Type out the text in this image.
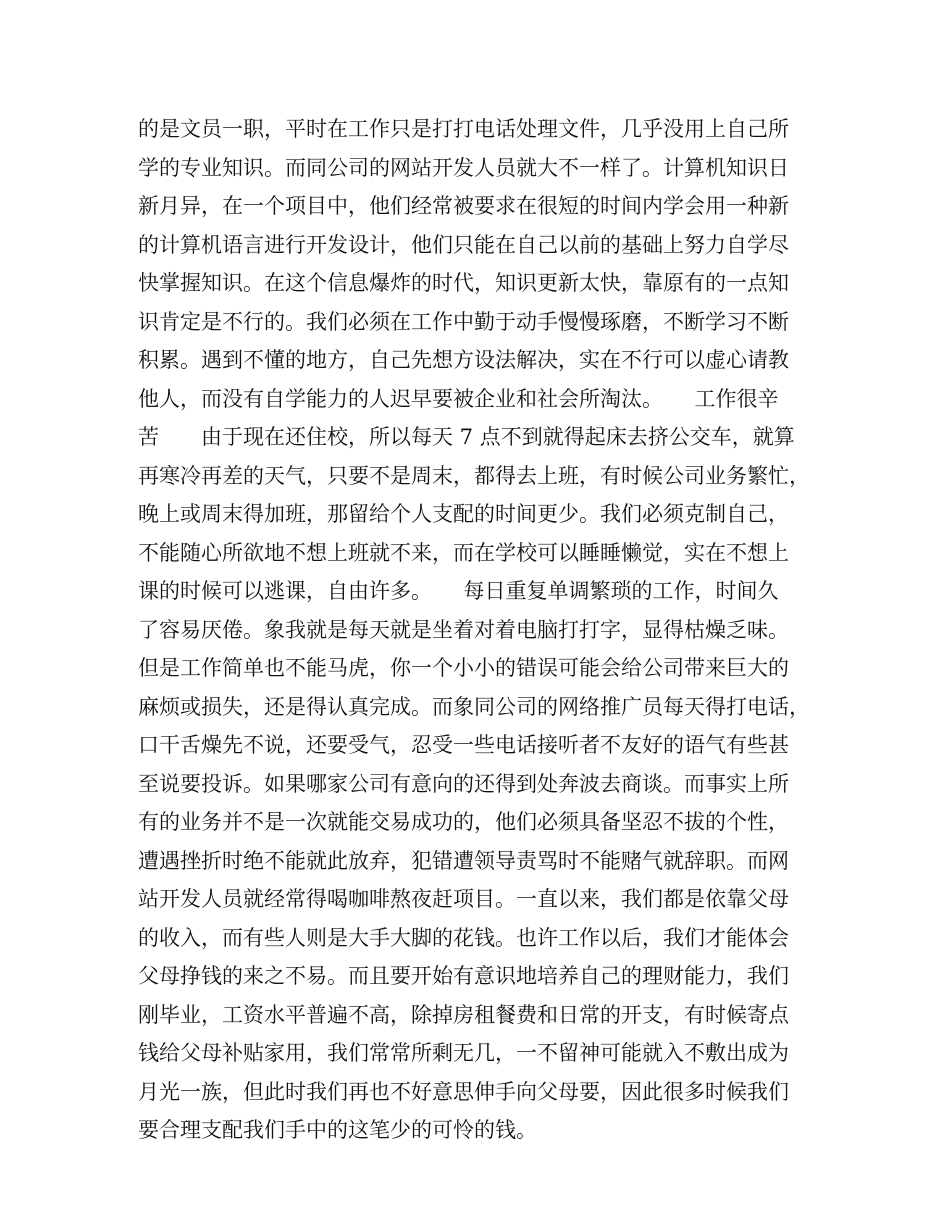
的是文员一职，平时在工作只是打打电话处理文件，几乎没用上自己所
学的专业知识。而同公司的网站开发人员就大不一样了。计算机知识日
新月异，在一个项目中，他们经常被要求在很短的时间内学会用一种新
的计算机语言进行开发设计，他们只能在自己以前的基础上努力自学尽
快掌握知识。在这个信息爆炸的时代，知识更新太快，靠原有的一点知
识肯定是不行的。我们必须在工作中勤于动手慢慢琢磨，不断学习不断
积累。遇到不懂的地方，自己先想方设法解决，实在不行可以虚心请教
他人，而没有自学能力的人迟早要被企业和社会所淘汰。　　工作很辛
苦　　由于现在还住校，所以每天 7 点不到就得起床去挤公交车，就算
再寒冷再差的天气，只要不是周末，都得去上班，有时候公司业务繁忙，
晚上或周末得加班，那留给个人支配的时间更少。我们必须克制自己，
不能随心所欲地不想上班就不来，而在学校可以睡睡懒觉，实在不想上
课的时候可以逃课，自由许多。　　每日重复单调繁琐的工作，时间久
了容易厌倦。象我就是每天就是坐着对着电脑打打字，显得枯燥乏味。
但是工作简单也不能马虎，你一个小小的错误可能会给公司带来巨大的
麻烦或损失，还是得认真完成。而象同公司的网络推广员每天得打电话，
口干舌燥先不说，还要受气，忍受一些电话接听者不友好的语气有些甚
至说要投诉。如果哪家公司有意向的还得到处奔波去商谈。而事实上所
有的业务并不是一次就能交易成功的，他们必须具备坚忍不拔的个性，
遭遇挫折时绝不能就此放弃，犯错遭领导责骂时不能赌气就辞职。而网
站开发人员就经常得喝咖啡熬夜赶项目。一直以来，我们都是依靠父母
的收入，而有些人则是大手大脚的花钱。也许工作以后，我们才能体会
父母挣钱的来之不易。而且要开始有意识地培养自己的理财能力，我们
刚毕业，工资水平普遍不高，除掉房租餐费和日常的开支，有时候寄点
钱给父母补贴家用，我们常常所剩无几，一不留神可能就入不敷出成为
月光一族，但此时我们再也不好意思伸手向父母要，因此很多时候我们
要合理支配我们手中的这笔少的可怜的钱。
